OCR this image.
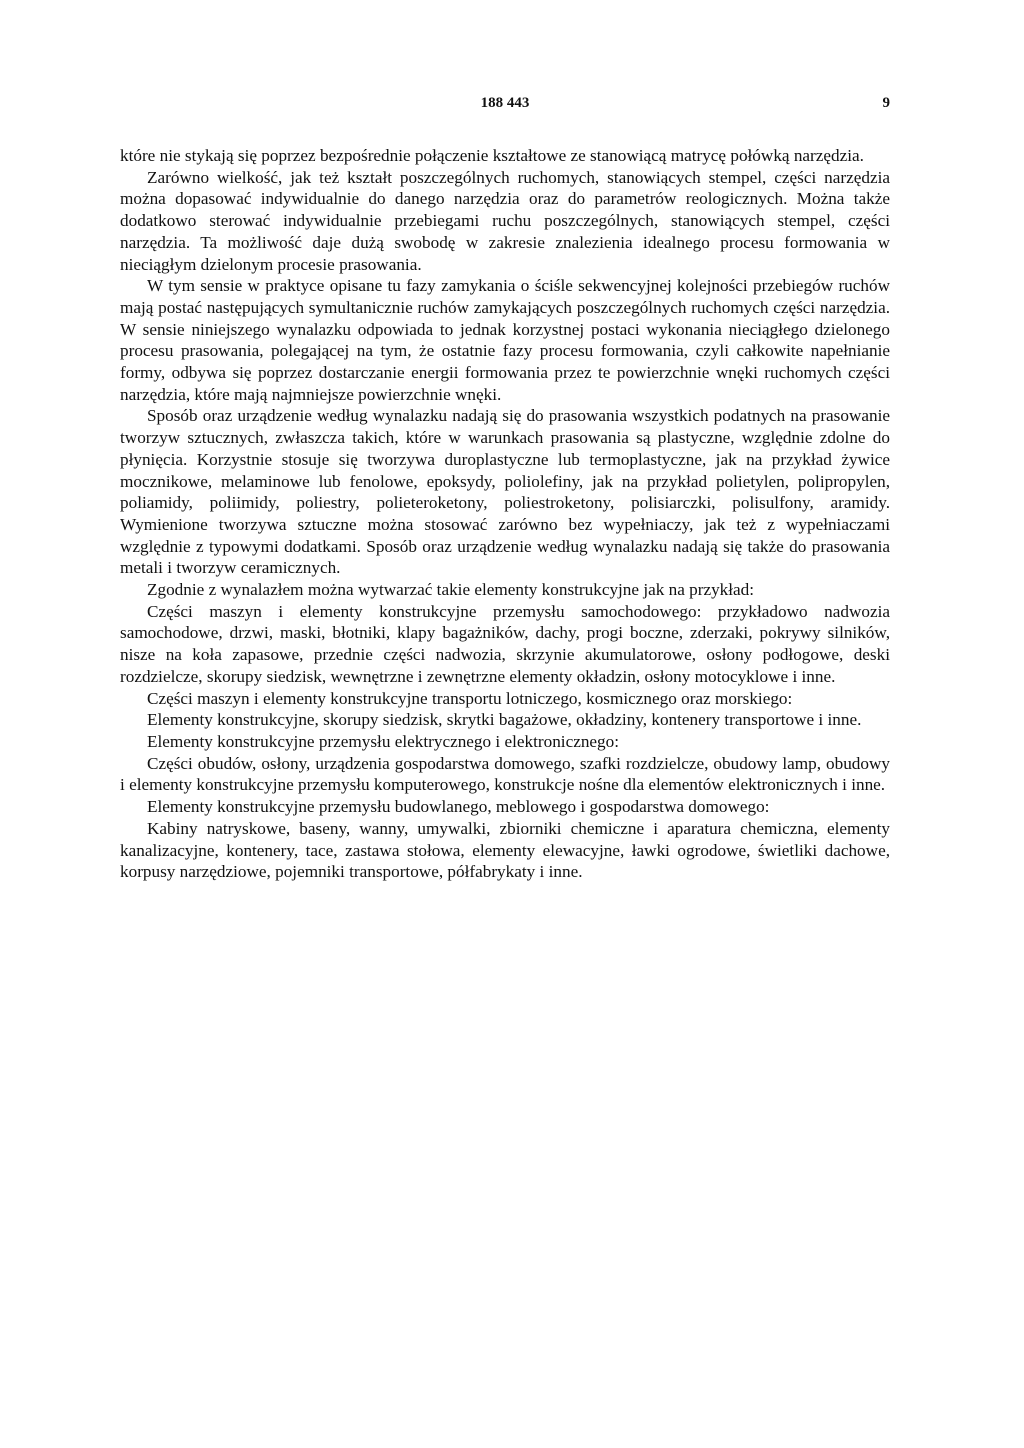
188 443	9

które nie stykają się poprzez bezpośrednie połączenie kształtowe ze stanowiącą matrycę połówką narzędzia.

Zarówno wielkość, jak też kształt poszczególnych ruchomych, stanowiących stempel, części narzędzia można dopasować indywidualnie do danego narzędzia oraz do parametrów reologicznych. Można także dodatkowo sterować indywidualnie przebiegami ruchu poszczególnych, stanowiących stempel, części narzędzia. Ta możliwość daje dużą swobodę w zakresie znalezienia idealnego procesu formowania w nieciągłym dzielonym procesie prasowania.

W tym sensie w praktyce opisane tu fazy zamykania o ściśle sekwencyjnej kolejności przebiegów ruchów mają postać następujących symultanicznie ruchów zamykających poszczególnych ruchomych części narzędzia. W sensie niniejszego wynalazku odpowiada to jednak korzystnej postaci wykonania nieciągłego dzielonego procesu prasowania, polegającej na tym, że ostatnie fazy procesu formowania, czyli całkowite napełnianie formy, odbywa się poprzez dostarczanie energii formowania przez te powierzchnie wnęki ruchomych części narzędzia, które mają najmniejsze powierzchnie wnęki.

Sposób oraz urządzenie według wynalazku nadają się do prasowania wszystkich podatnych na prasowanie tworzyw sztucznych, zwłaszcza takich, które w warunkach prasowania są plastyczne, względnie zdolne do płynięcia. Korzystnie stosuje się tworzywa duroplastyczne lub termoplastyczne, jak na przykład żywice mocznikowe, melaminowe lub fenolowe, epoksydy, poliolefiny, jak na przykład polietylen, polipropylen, poliamidy, poliimidy, poliestry, polieteroketony, poliestroketony, polisiarczki, polisulfony, aramidy. Wymienione tworzywa sztuczne można stosować zarówno bez wypełniaczy, jak też z wypełniaczami względnie z typowymi dodatkami. Sposób oraz urządzenie według wynalazku nadają się także do prasowania metali i tworzyw ceramicznych.

Zgodnie z wynalazłem można wytwarzać takie elementy konstrukcyjne jak na przykład:

Części maszyn i elementy konstrukcyjne przemysłu samochodowego: przykładowo nadwozia samochodowe, drzwi, maski, błotniki, klapy bagażników, dachy, progi boczne, zderzaki, pokrywy silników, nisze na koła zapasowe, przednie części nadwozia, skrzynie akumulatorowe, osłony podłogowe, deski rozdzielcze, skorupy siedzisk, wewnętrzne i zewnętrzne elementy okładzin, osłony motocyklowe i inne.

Części maszyn i elementy konstrukcyjne transportu lotniczego, kosmicznego oraz morskiego:

Elementy konstrukcyjne, skorupy siedzisk, skrytki bagażowe, okładziny, kontenery transportowe i inne.

Elementy konstrukcyjne przemysłu elektrycznego i elektronicznego:

Części obudów, osłony, urządzenia gospodarstwa domowego, szafki rozdzielcze, obudowy lamp, obudowy i elementy konstrukcyjne przemysłu komputerowego, konstrukcje nośne dla elementów elektronicznych i inne.

Elementy konstrukcyjne przemysłu budowlanego, meblowego i gospodarstwa domowego:

Kabiny natryskowe, baseny, wanny, umywalki, zbiorniki chemiczne i aparatura chemiczna, elementy kanalizacyjne, kontenery, tace, zastawa stołowa, elementy elewacyjne, ławki ogrodowe, świetliki dachowe, korpusy narzędziowe, pojemniki transportowe, półfabrykaty i inne.
